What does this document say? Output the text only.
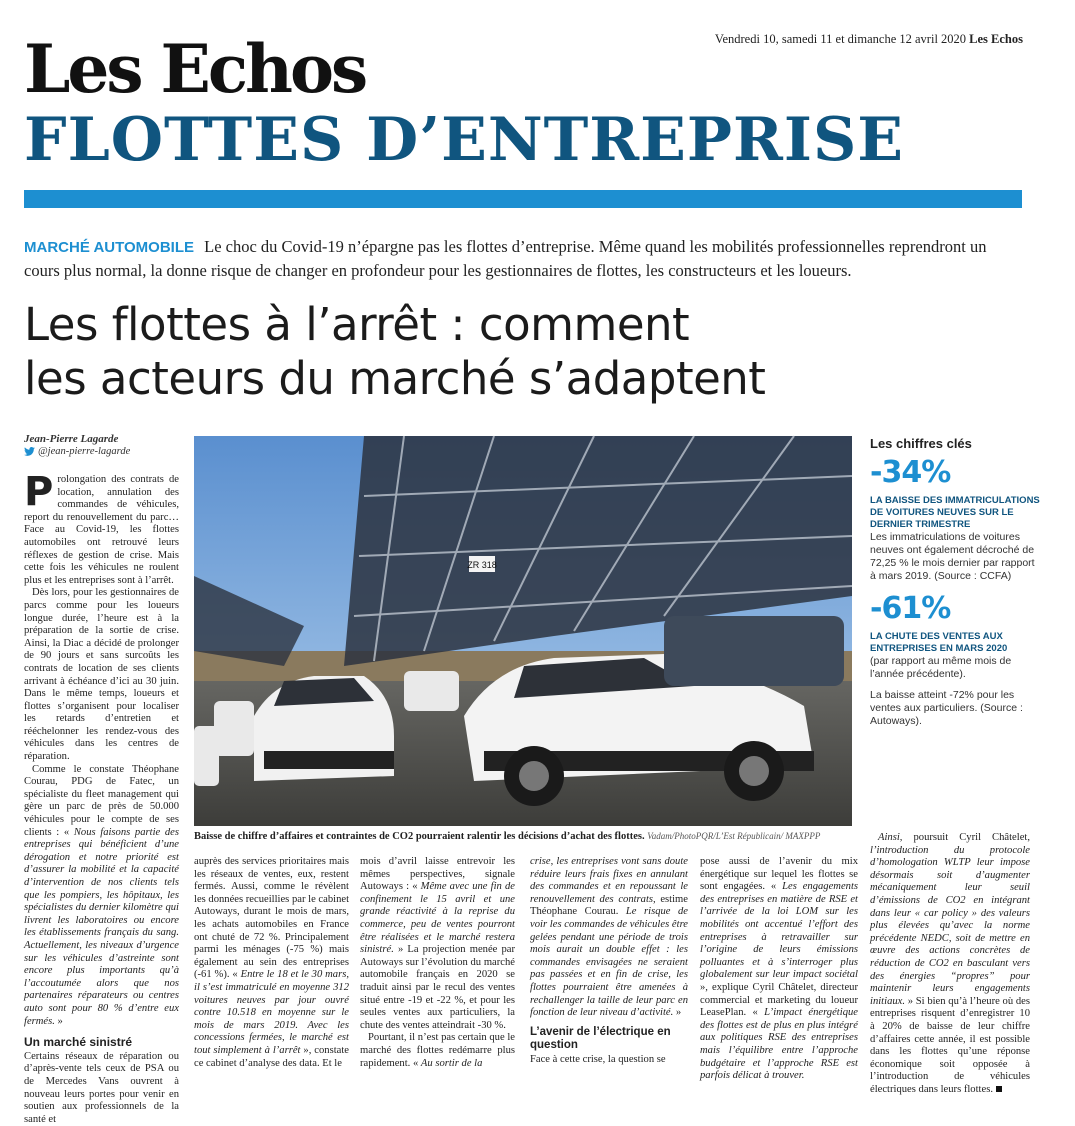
Vendredi 10, samedi 11 et dimanche 12 avril 2020 Les Echos
Les Echos
FLOTTES D’ENTREPRISE
MARCHÉ AUTOMOBILE Le choc du Covid-19 n’épargne pas les flottes d’entreprise. Même quand les mobilités professionnelles reprendront un cours plus normal, la donne risque de changer en profondeur pour les gestionnaires de flottes, les constructeurs et les loueurs.
Les flottes à l’arrêt : comment
les acteurs du marché s’adaptent
Jean-Pierre Lagarde
@jean-pierre-lagarde

Prolongation des contrats de location, annulation des commandes de véhicules, report du renouvellement du parc… Face au Covid-19, les flottes automobiles ont retrouvé leurs réflexes de gestion de crise. Mais cette fois les véhicules ne roulent plus et les entreprises sont à l’arrêt.

Dès lors, pour les gestionnaires de parcs comme pour les loueurs longue durée, l’heure est à la préparation de la sortie de crise. Ainsi, la Diac a décidé de prolonger de 90 jours et sans surcoûts les contrats de location de ses clients arrivant à échéance d’ici au 30 juin. Dans le même temps, loueurs et flottes s’organisent pour localiser les retards d’entretien et rééchelonner les rendez-vous des véhicules dans les centres de réparation.

Comme le constate Théophane Courau, PDG de Fatec, un spécialiste du fleet management qui gère un parc de près de 50.000 véhicules pour le compte de ses clients : « Nous faisons partie des entreprises qui bénéficient d’une dérogation et notre priorité est d’assurer la mobilité et la capacité d’intervention de nos clients tels que les pompiers, les hôpitaux, les spécialistes du dernier kilomètre qui livrent les laboratoires ou encore les établissements français du sang. Actuellement, les niveaux d’urgence sur les véhicules d’astreinte sont encore plus importants qu’à l’accoutumée alors que nos partenaires réparateurs ou centres auto sont pour 80 % d’entre eux fermés. »

Un marché sinistré

Certains réseaux de réparation ou d’après-vente tels ceux de PSA ou de Mercedes Vans ouvrent à nouveau leurs portes pour venir en soutien aux professionnels de la santé et

ZR 318
Baisse de chiffre d’affaires et contraintes de CO2 pourraient ralentir les décisions d’achat des flottes. Vadam/PhotoPQR/L’Est Républicain/ MAXPPP
Les chiffres clés
-34%
LA BAISSE DES IMMATRICULATIONS DE VOITURES NEUVES SUR LE DERNIER TRIMESTRE
Les immatriculations de voitures neuves ont également décroché de 72,25 % le mois dernier par rapport à mars 2019. (Source : CCFA)
-61%
LA CHUTE DES VENTES AUX ENTREPRISES EN MARS 2020
(par rapport au même mois de l’année précédente).
La baisse atteint -72% pour les ventes aux particuliers. (Source : Autoways).

auprès des services prioritaires mais les réseaux de ventes, eux, restent fermés. Aussi, comme le révèlent les données recueillies par le cabinet Autoways, durant le mois de mars, les achats automobiles en France ont chuté de 72 %. Principalement parmi les ménages (-75 %) mais également au sein des entreprises (-61 %). « Entre le 18 et le 30 mars, il s’est immatriculé en moyenne 312 voitures neuves par jour ouvré contre 10.518 en moyenne sur le mois de mars 2019. Avec les concessions fermées, le marché est tout simplement à l’arrêt », constate ce cabinet d’analyse des data. Et le

mois d’avril laisse entrevoir les mêmes perspectives, signale Autoways : « Même avec une fin de confinement le 15 avril et une grande réactivité à la reprise du commerce, peu de ventes pourront être réalisées et le marché restera sinistré. » La projection menée par Autoways sur l’évolution du marché automobile français en 2020 se traduit ainsi par le recul des ventes situé entre -19 et -22 %, et pour les seules ventes aux particuliers, la chute des ventes atteindrait -30 %.

Pourtant, il n’est pas certain que le marché des flottes redémarre plus rapidement. « Au sortir de la

crise, les entreprises vont sans doute réduire leurs frais fixes en annulant des commandes et en repoussant le renouvellement des contrats, estime Théophane Courau. Le risque de voir les commandes de véhicules être gelées pendant une période de trois mois aurait un double effet : les commandes envisagées ne seraient pas passées et en fin de crise, les flottes pourraient être amenées à rechallenger la taille de leur parc en fonction de leur niveau d’activité. »

L’avenir de l’électrique en question

Face à cette crise, la question se

pose aussi de l’avenir du mix énergétique sur lequel les flottes se sont engagées. « Les engagements des entreprises en matière de RSE et l’arrivée de la loi LOM sur les mobilités ont accentué l’effort des entreprises à retravailler sur l’origine de leurs émissions polluantes et à s’interroger plus globalement sur leur impact sociétal », explique Cyril Châtelet, directeur commercial et marketing du loueur LeasePlan. « L’impact énergétique des flottes est de plus en plus intégré aux politiques RSE des entreprises mais l’équilibre entre l’approche budgétaire et l’approche RSE est parfois délicat à trouver.

Ainsi, poursuit Cyril Châtelet, l’introduction du protocole d’homologation WLTP leur impose désormais soit d’augmenter mécaniquement leur seuil d’émissions de CO2 en intégrant dans leur « car policy » des valeurs plus élevées qu’avec la norme précédente NEDC, soit de mettre en œuvre des actions concrètes de réduction de CO2 en basculant vers des énergies “propres” pour maintenir leurs engagements initiaux. » Si bien qu’à l’heure où des entreprises risquent d’enregistrer 10 à 20% de baisse de leur chiffre d’affaires cette année, il est possible dans les flottes qu’une réponse économique soit opposée à l’introduction de véhicules électriques dans leurs flottes.
